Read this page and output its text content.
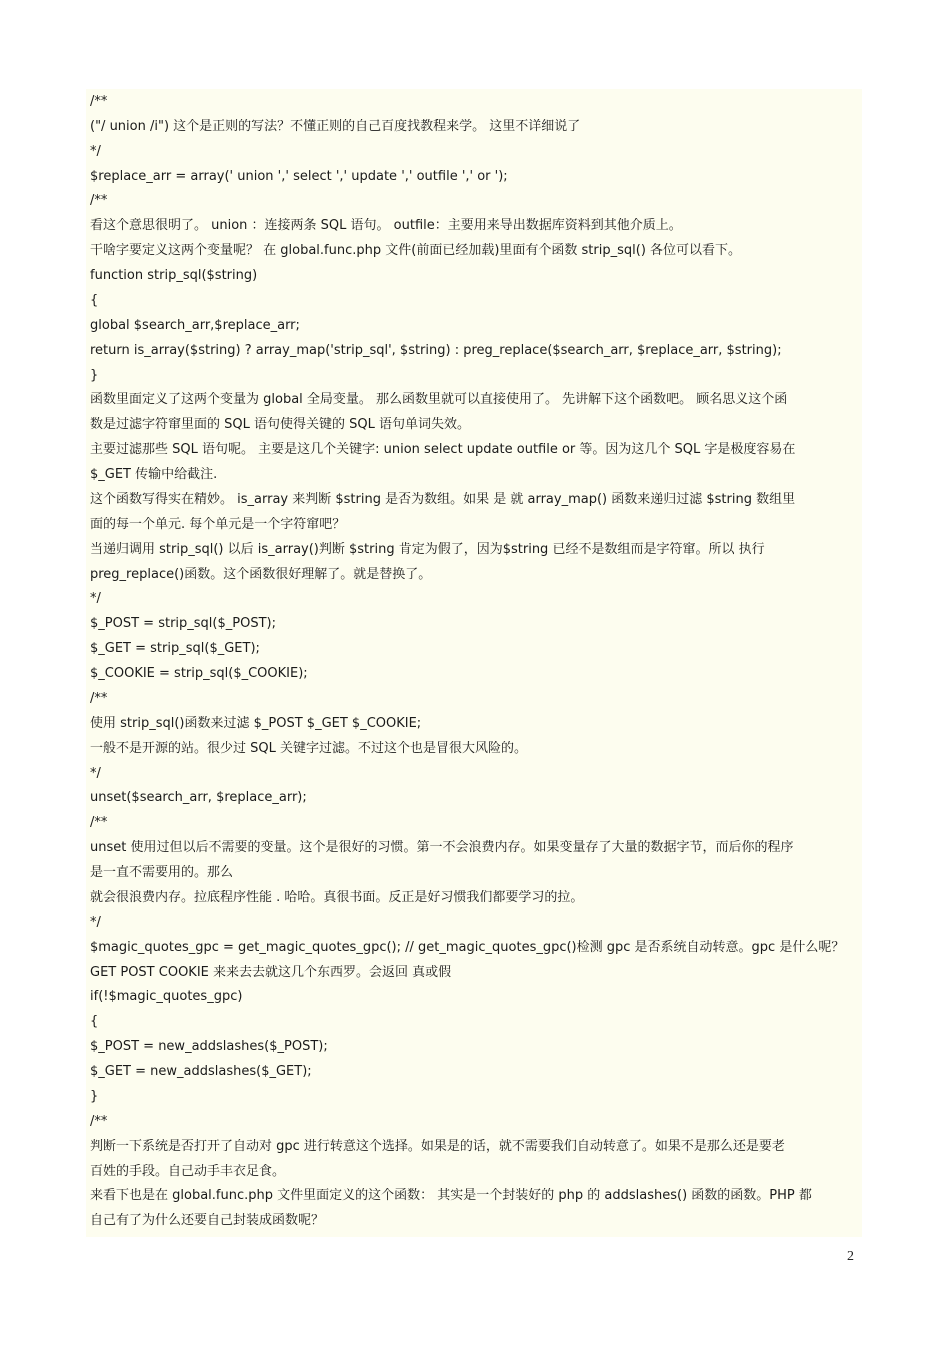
/**
("/ union /i") 这个是正则的写法？不懂正则的自己百度找教程来学。 这里不详细说了
*/
$replace_arr = array(' union ',' select ',' update ',' outfile ',' or ');
/**
看这个意思很明了。 union ：连接两条 SQL 语句。 outfile：主要用来导出数据库资料到其他介质上。
干啥字要定义这两个变量呢？ 在 global.func.php 文件(前面已经加载)里面有个函数 strip_sql() 各位可以看下。
function strip_sql($string)
{
global $search_arr,$replace_arr;
return is_array($string) ? array_map('strip_sql', $string) : preg_replace($search_arr, $replace_arr, $string);
}
函数里面定义了这两个变量为 global 全局变量。 那么函数里就可以直接使用了。 先讲解下这个函数吧。 顾名思义这个函
数是过滤字符窜里面的 SQL 语句使得关键的 SQL 语句单词失效。
主要过滤那些 SQL 语句呢。 主要是这几个关键字: union select update outfile or 等。因为这几个 SQL 字是极度容易在
$_GET 传输中给截注.
这个函数写得实在精妙。 is_array 来判断 $string 是否为数组。如果 是 就 array_map() 函数来递归过滤 $string 数组里
面的每一个单元. 每个单元是一个字符窜吧？
当递归调用 strip_sql() 以后 is_array()判断 $string 肯定为假了，因为$string 已经不是数组而是字符窜。所以 执行
preg_replace()函数。这个函数很好理解了。就是替换了。
*/
$_POST = strip_sql($_POST);
$_GET = strip_sql($_GET);
$_COOKIE = strip_sql($_COOKIE);
/**
使用 strip_sql()函数来过滤 $_POST $_GET $_COOKIE;
一般不是开源的站。很少过 SQL 关键字过滤。不过这个也是冒很大风险的。
*/
unset($search_arr, $replace_arr);
/**
unset 使用过但以后不需要的变量。这个是很好的习惯。第一不会浪费内存。如果变量存了大量的数据字节，而后你的程序
是一直不需要用的。那么
就会很浪费内存。拉底程序性能 . 哈哈。真很书面。反正是好习惯我们都要学习的拉。
*/
$magic_quotes_gpc = get_magic_quotes_gpc(); // get_magic_quotes_gpc()检测 gpc 是否系统自动转意。gpc 是什么呢？
GET POST COOKIE 来来去去就这几个东西罗。会返回 真或假
if(!$magic_quotes_gpc)
{
$_POST = new_addslashes($_POST);
$_GET = new_addslashes($_GET);
}
/**
判断一下系统是否打开了自动对 gpc 进行转意这个选择。如果是的话，就不需要我们自动转意了。如果不是那么还是要老
百姓的手段。自己动手丰衣足食。
来看下也是在 global.func.php 文件里面定义的这个函数： 其实是一个封装好的 php 的 addslashes() 函数的函数。PHP 都
自己有了为什么还要自己封装成函数呢？
2
